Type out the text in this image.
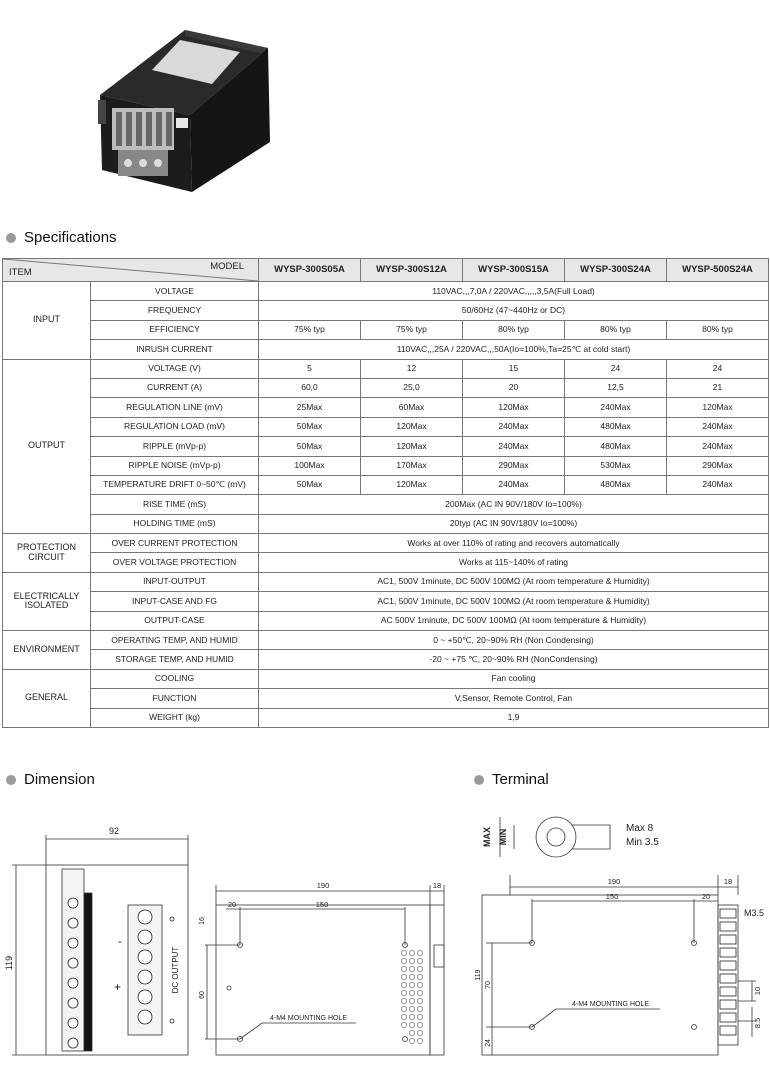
Specifications
MODEL
ITEM		WYSP-300S05A	WYSP-300S12A	WYSP-300S15A	WYSP-300S24A	WYSP-500S24A
INPUT	VOLTAGE	110VAC,,,7,0A / 220VAC,,,,,3,5A(Full Load)				
	FREQUENCY	50/60Hz (47~440Hz or DC)				
	EFFICIENCY	75% typ	75% typ	80% typ	80% typ	80% typ
	INRUSH CURRENT	110VAC,,,25A / 220VAC,,,50A(Io=100%,Ta=25℃ at cold start)				
OUTPUT	VOLTAGE (V)	5	12	15	24	24
	CURRENT (A)	60,0	25,0	20	12,5	21
	REGULATION LINE (mV)	25Max	60Max	120Max	240Max	120Max
	REGULATION LOAD (mV)	50Max	120Max	240Max	480Max	240Max
	RIPPLE (mVp-p)	50Max	120Max	240Max	480Max	240Max
	RIPPLE NOISE (mVp-p)	100Max	170Max	290Max	530Max	290Max
	TEMPERATURE DRIFT 0~50℃ (mV)	50Max	120Max	240Max	480Max	240Max
	RISE TIME (mS)	200Max (AC IN 90V/180V Io=100%)				
	HOLDING TIME (mS)	20typ (AC IN 90V/180V Io=100%)				
PROTECTION CIRCUIT	OVER CURRENT PROTECTION	Works at over 110% of rating and recovers automatically				
	OVER VOLTAGE PROTECTION	Works at 115~140% of rating				
ELECTRICALLY ISOLATED	INPUT-OUTPUT	AC1, 500V 1minute, DC 500V 100MΩ (At room temperature & Humidity)				
	INPUT-CASE AND FG	AC1, 500V 1minute, DC 500V 100MΩ (At room temperature & Humidity)				
	OUTPUT-CASE	AC 500V 1minute, DC 500V 100MΩ (At room temperature & Humidity)				
ENVIRONMENT	OPERATING TEMP, AND HUMID	0 ~ +50℃, 20~90% RH (Non Condensing)				
	STORAGE TEMP, AND HUMID	-20 ~ +75 ℃, 20~90% RH (NonCondensing)				
GENERAL	COOLING	Fan cooling				
	FUNCTION	V,Sensor, Remote Control, Fan				
	WEIGHT (kg)	1,9				
Dimension	Terminal
92
119	DC OUTPUT
-
+
190	18
20	150
16
60
4-M4 MOUNTING HOLE
MAX MIN
Max 8
Min 3.5
190	18
150	20
119
70
24
M3.5
10
8.5
4-M4 MOUNTING HOLE
